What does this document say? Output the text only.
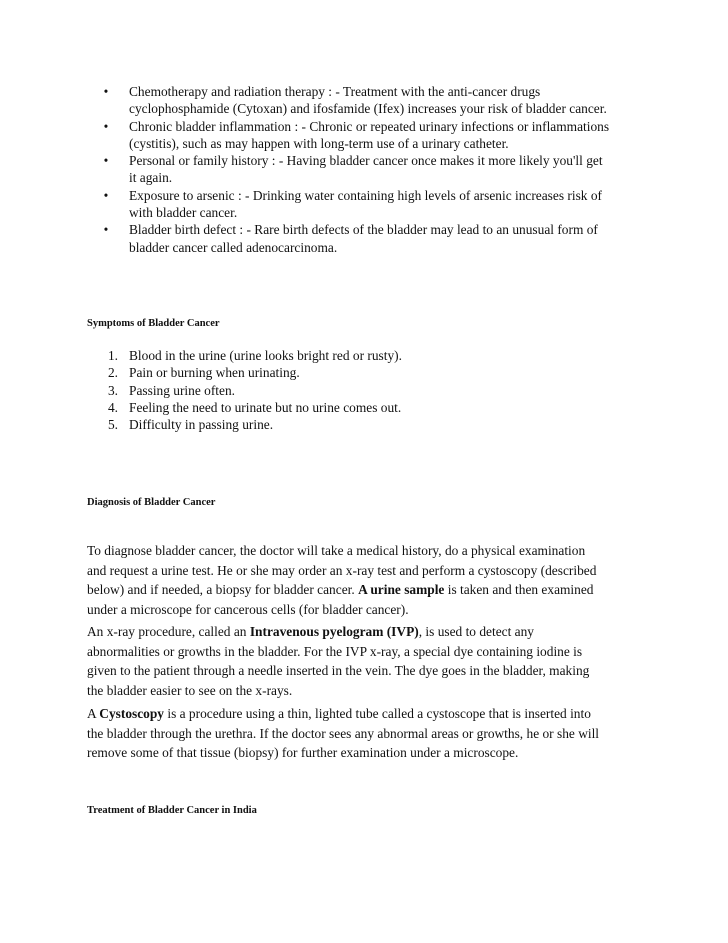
•	Chemotherapy and radiation therapy : - Treatment with the anti-cancer drugs
cyclophosphamide (Cytoxan) and ifosfamide (Ifex) increases your risk of bladder cancer.
•	Chronic bladder inflammation : - Chronic or repeated urinary infections or inflammations
(cystitis), such as may happen with long-term use of a urinary catheter.
•	Personal or family history : - Having bladder cancer once makes it more likely you'll get
it again.
•	Exposure to arsenic : - Drinking water containing high levels of arsenic increases risk of
with bladder cancer.
•	Bladder birth defect : - Rare birth defects of the bladder may lead to an unusual form of
bladder cancer called adenocarcinoma.
Symptoms of Bladder Cancer
1. Blood in the urine (urine looks bright red or rusty).
2. Pain or burning when urinating.
3. Passing urine often.
4. Feeling the need to urinate but no urine comes out.
5. Difficulty in passing urine.
Diagnosis of Bladder Cancer
To diagnose bladder cancer, the doctor will take a medical history, do a physical examination
and request a urine test. He or she may order an x-ray test and perform a cystoscopy (described
below) and if needed, a biopsy for bladder cancer. A urine sample is taken and then examined
under a microscope for cancerous cells (for bladder cancer).
An x-ray procedure, called an Intravenous pyelogram (IVP), is used to detect any
abnormalities or growths in the bladder. For the IVP x-ray, a special dye containing iodine is
given to the patient through a needle inserted in the vein. The dye goes in the bladder, making
the bladder easier to see on the x-rays.
A Cystoscopy is a procedure using a thin, lighted tube called a cystoscope that is inserted into
the bladder through the urethra. If the doctor sees any abnormal areas or growths, he or she will
remove some of that tissue (biopsy) for further examination under a microscope.
Treatment of Bladder Cancer in India
